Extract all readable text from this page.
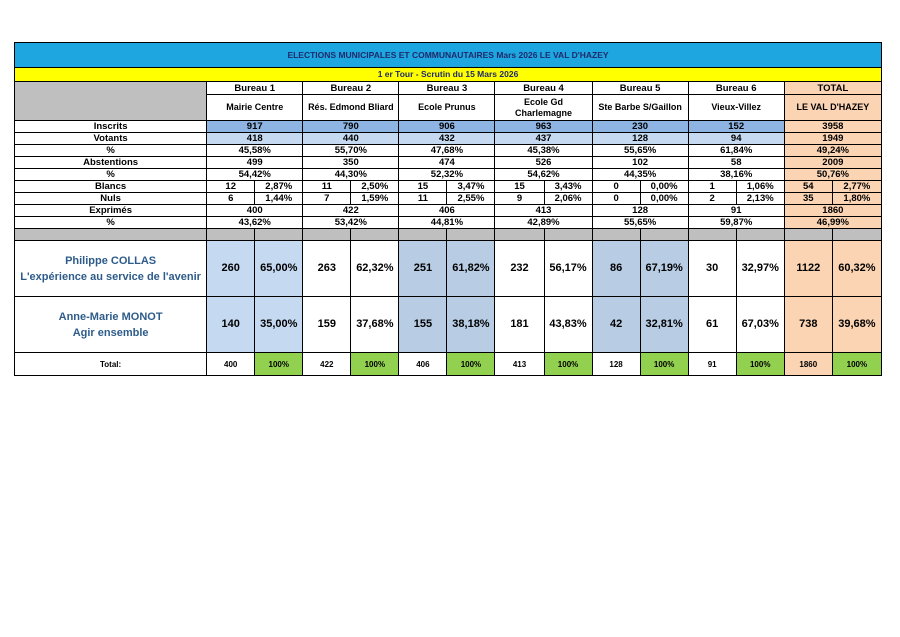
ELECTIONS MUNICIPALES ET COMMUNAUTAIRES Mars 2026 LE VAL D'HAZEY														
1 er Tour - Scrutin du 15 Mars 2026														
	Bureau 1		Bureau 2		Bureau 3		Bureau 4		Bureau 5		Bureau 6		TOTAL	
	Mairie Centre		Rés. Edmond Bliard		Ecole Prunus		Ecole Gd Charlemagne		Ste Barbe S/Gaillon		Vieux-Villez		LE VAL D'HAZEY	
Inscrits	917		790		906		963		230		152		3958	
Votants	418		440		432		437		128		94		1949	
%	45,58%		55,70%		47,68%		45,38%		55,65%		61,84%		49,24%	
Abstentions	499		350		474		526		102		58		2009	
%	54,42%		44,30%		52,32%		54,62%		44,35%		38,16%		50,76%	
Blancs	12	2,87%	11	2,50%	15	3,47%	15	3,43%	0	0,00%	1	1,06%	54	2,77%
Nuls	6	1,44%	7	1,59%	11	2,55%	9	2,06%	0	0,00%	2	2,13%	35	1,80%
Exprimés	400		422		406		413		128		91		1860	
%	43,62%		53,42%		44,81%		42,89%		55,65%		59,87%		46,99%	

Philippe COLLAS
L'expérience au service de l'avenir	260	65,00%	263	62,32%	251	61,82%	232	56,17%	86	67,19%	30	32,97%	1122	60,32%

Anne-Marie MONOT
Agir ensemble	140	35,00%	159	37,68%	155	38,18%	181	43,83%	42	32,81%	61	67,03%	738	39,68%
Total:	400	100%	422	100%	406	100%	413	100%	128	100%	91	100%	1860	100%
